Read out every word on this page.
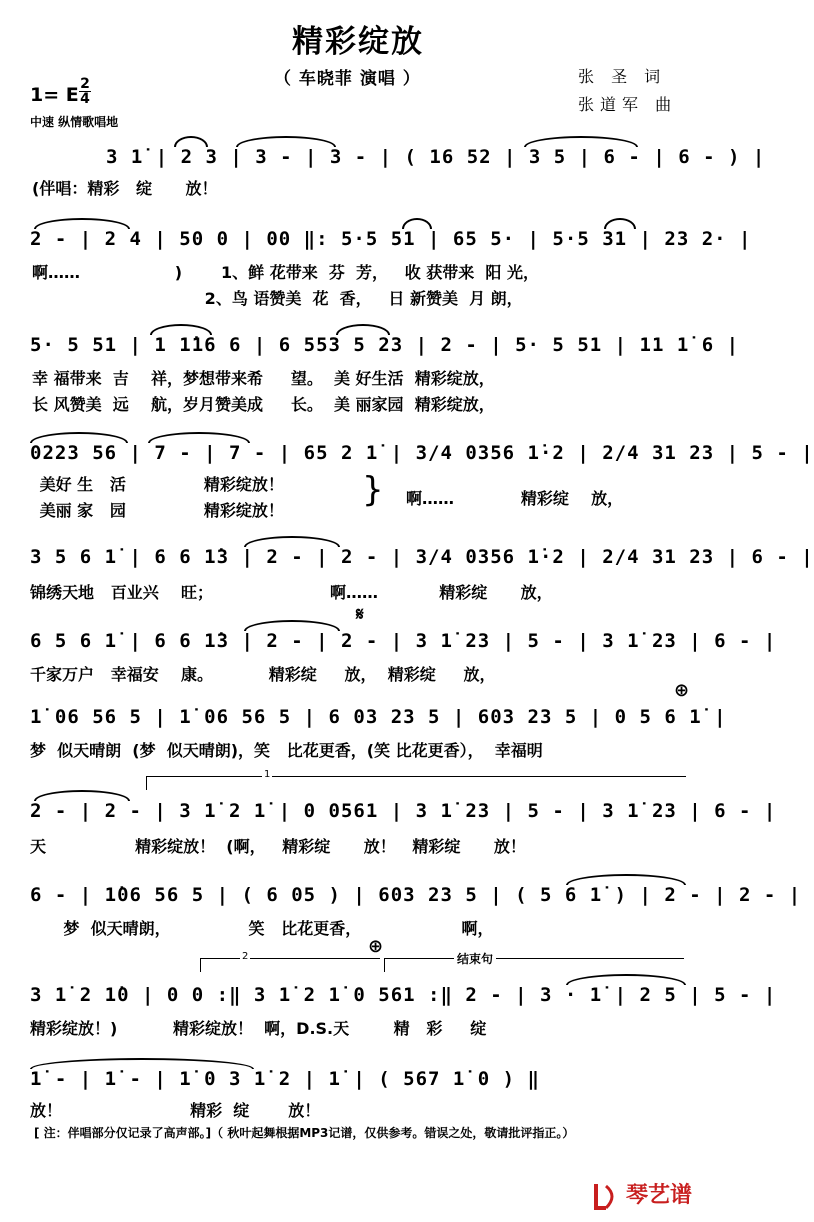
精彩绽放
（ 车晓菲 演唱 ）	张 圣 词
张道军 曲
1= E 2
4
中速 纵情歌唱地
3 1̇ | 2 3 | 3 - | 3 - | ( 16 52 | 3 5 | 6 - | 6 - ) |
(伴唱：精彩   绽      放！
2 - | 2 4 | 50 0 | 00 ‖: 5·5 51 | 65 5· | 5·5 31 | 23 2· |
啊……                 )       1、鲜 花带来  芬  芳，   收 获带来  阳 光，
2、鸟 语赞美  花  香，   日 新赞美  月 朗，
5· 5 51 | 1 1̇16 6 | 6 553 5 23 | 2 - | 5· 5 51 | 11 1̇ 6 |
幸 福带来  吉    祥，梦想带来希     望。  美 好生活  精彩绽放，
长 风赞美  远    航，岁月赞美成     长。  美 丽家园  精彩绽放，
0223 56 | 7 - | 7 - | 65 2 1̇ | 3/4 0356 1̇·2 | 2/4 31 23 | 5 - |
美好 生   活              精彩绽放！
美丽 家   园              精彩绽放！
} 啊……            精彩绽    放，
3 5 6 1̇ | 6 6 1̇3 | 2 - | 2 - | 3/4 0356 1̇·2 | 2/4 31 23 | 6 - |
锦绣天地   百业兴    旺；                     啊……           精彩绽      放，
6 5 6 1̇ | 6 6 1̇3 | 2 - | 2 - | 3 1̇ 23 | 5 - | 3 1̇ 23 | 6 - |
𝄋
千家万户   幸福安    康。          精彩绽     放，  精彩绽     放，
⊕
1̇ 06 56 5 | 1̇ 06 56 5 | 6 03 23 5 | 603 23 5 | 0 5 6 1̇ |
梦  似天晴朗  (梦  似天晴朗)，笑   比花更香，(笑 比花更香），  幸福明
1
2 - | 2 - | 3 1̇ 2 1̇ | 0 0561 | 3 1̇ 23 | 5 - | 3 1̇ 23 | 6 - |
天                精彩绽放！  (啊，   精彩绽      放！   精彩绽      放！
6 - | 1̇06 56 5 | ( 6 05 ) | 603 23 5 | ( 5 6 1̇ ) | 2 - | 2 - |
梦  似天晴朗，              笑   比花更香，                  啊，
2	⊕
结束句
3 1̇ 2 1̇0 | 0 0 :‖ 3 1̇ 2 1̇ 0 561 :‖ 2 - | 3 · 1̇ | 2 5 | 5 - |
精彩绽放！)          精彩绽放！  啊，D.S.天        精   彩     绽
1̇ - | 1̇ - | 1̇ 0 3 1̇ 2 | 1̇ | ( 567 1̇ 0 ) ‖
放！                       精彩  绽       放！
[ 注：伴唱部分仅记录了高声部。]（ 秋叶起舞根据MP3记谱，仅供参考。错误之处，敬请批评指正。）
琴艺谱
